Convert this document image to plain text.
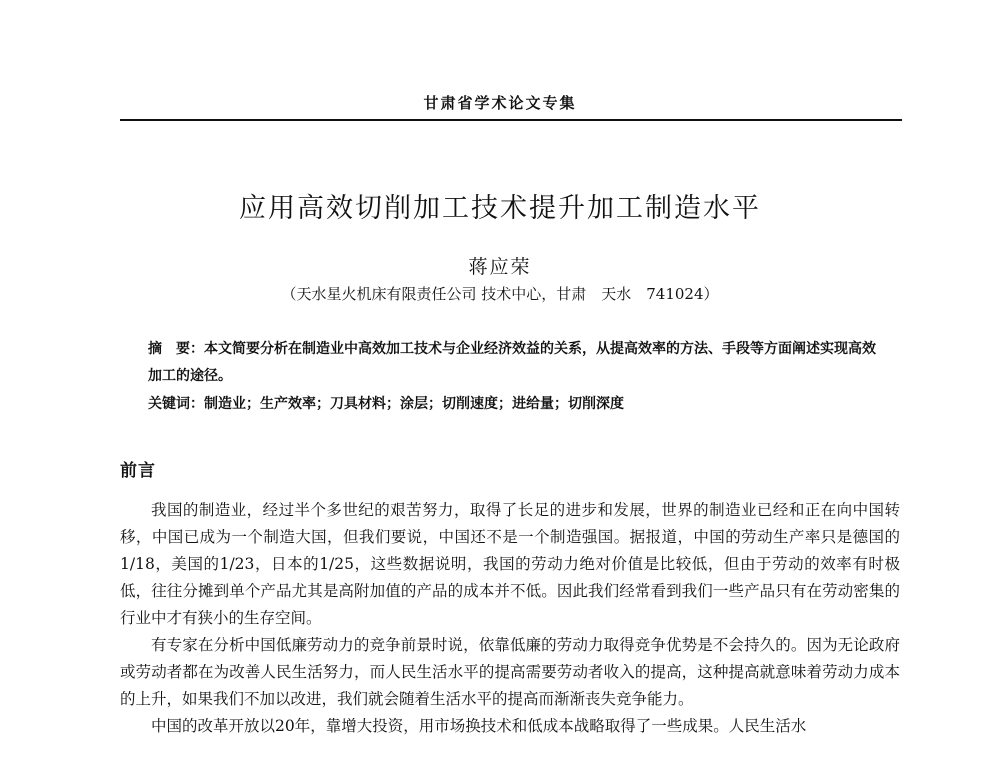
甘肃省学术论文专集
应用高效切削加工技术提升加工制造水平
蒋应荣
（天水星火机床有限责任公司 技术中心，甘肃　天水　741024）
摘　要：本文简要分析在制造业中高效加工技术与企业经济效益的关系，从提高效率的方法、手段等方面阐述实现高效加工的途径。
关键词：制造业；生产效率；刀具材料；涂层；切削速度；进给量；切削深度
前言

我国的制造业，经过半个多世纪的艰苦努力，取得了长足的进步和发展，世界的制造业已经和正在向中国转移，中国已成为一个制造大国，但我们要说，中国还不是一个制造强国。据报道，中国的劳动生产率只是德国的1/18，美国的1/23，日本的1/25，这些数据说明，我国的劳动力绝对价值是比较低，但由于劳动的效率有时极低，往往分摊到单个产品尤其是高附加值的产品的成本并不低。因此我们经常看到我们一些产品只有在劳动密集的行业中才有狭小的生存空间。

有专家在分析中国低廉劳动力的竞争前景时说，依靠低廉的劳动力取得竞争优势是不会持久的。因为无论政府或劳动者都在为改善人民生活努力，而人民生活水平的提高需要劳动者收入的提高，这种提高就意味着劳动力成本的上升，如果我们不加以改进，我们就会随着生活水平的提高而渐渐丧失竞争能力。

中国的改革开放以20年，靠增大投资，用市场换技术和低成本战略取得了一些成果。人民生活水
